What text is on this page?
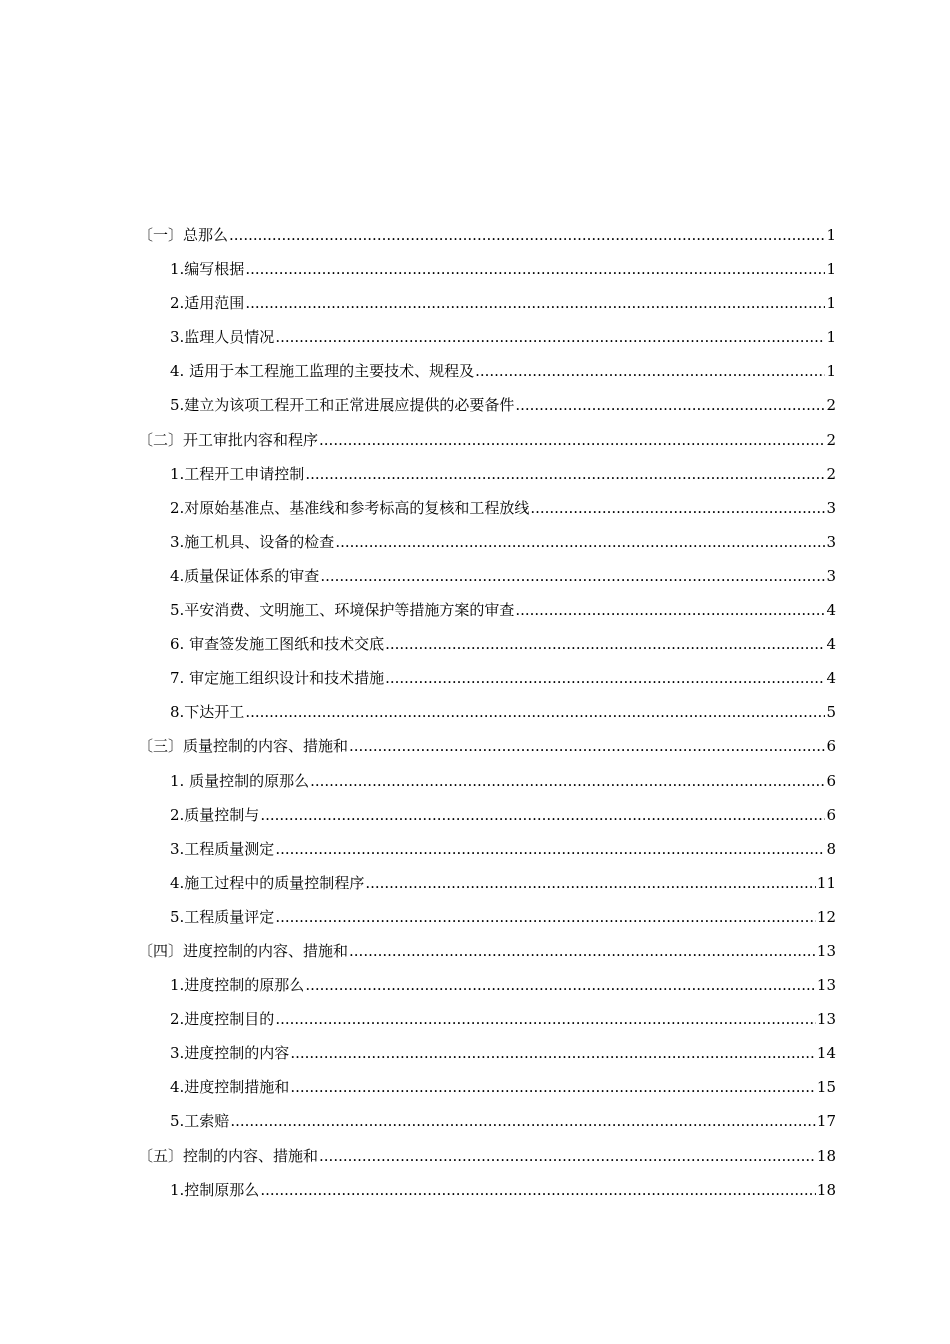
〔一〕总那么 .....	1
1.编写根据 .....	1
2.适用范围 .....	1
3.监理人员情况 .....	1
4. 适用于本工程施工监理的主要技术、规程及 .....	1
5.建立为该项工程开工和正常进展应提供的必要备件 .....	2
〔二〕开工审批内容和程序 .....	2
1.工程开工申请控制 .....	2
2.对原始基准点、基准线和参考标高的复核和工程放线 .....	3
3.施工机具、设备的检查 .....	3
4.质量保证体系的审查 .....	3
5.平安消费、文明施工、环境保护等措施方案的审查 .....	4
6. 审查签发施工图纸和技术交底 .....	4
7. 审定施工组织设计和技术措施 .....	4
8.下达开工 .....	5
〔三〕质量控制的内容、措施和 .....	6
1. 质量控制的原那么 .....	6
2.质量控制与 .....	6
3.工程质量测定 .....	8
4.施工过程中的质量控制程序 .....	11
5.工程质量评定 .....	12
〔四〕进度控制的内容、措施和 .....	13
1.进度控制的原那么 .....	13
2.进度控制目的 .....	13
3.进度控制的内容 .....	14
4.进度控制措施和 .....	15
5.工索赔 .....	17
〔五〕控制的内容、措施和 .....	18
1.控制原那么 .....	18
